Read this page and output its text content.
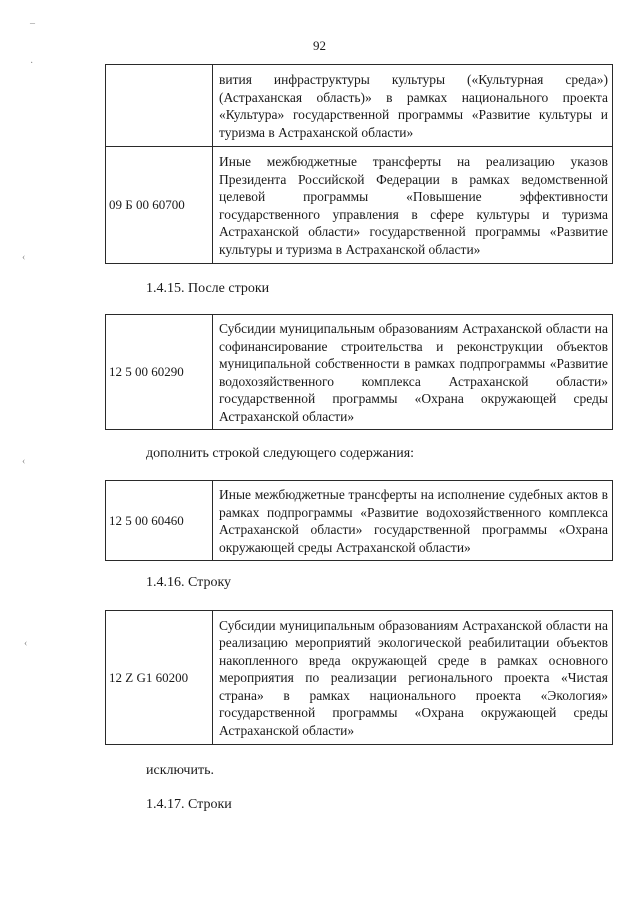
92
–
·
‹
‹
‹
	вития инфраструктуры культуры («Культурная среда») (Астраханская область)» в рамках национального проекта «Культура» государственной программы «Развитие культуры и туризма в Астраханской области»
09 Б 00 60700	Иные межбюджетные трансферты на реализацию указов Президента Российской Федерации в рамках ведомственной целевой программы «Повышение эффективности государственного управления в сфере культуры и туризма Астраханской области» государственной программы «Развитие культуры и туризма в Астраханской области»

1.4.15. После строки

12 5 00 60290	Субсидии муниципальным образованиям Астраханской области на софинансирование строительства и реконструкции объектов муниципальной собственности в рамках подпрограммы «Развитие водохозяйственного комплекса Астраханской области» государственной программы «Охрана окружающей среды Астраханской области»

дополнить строкой следующего содержания:

12 5 00 60460	Иные межбюджетные трансферты на исполнение судебных актов в рамках подпрограммы «Развитие водохозяйственного комплекса Астраханской области» государственной программы «Охрана окружающей среды Астраханской области»

1.4.16. Строку

12 Z G1 60200	Субсидии муниципальным образованиям Астраханской области на реализацию мероприятий экологической реабилитации объектов накопленного вреда окружающей среде в рамках основного мероприятия по реализации регионального проекта «Чистая страна» в рамках национального проекта «Экология» государственной программы «Охрана окружающей среды Астраханской области»

исключить.

1.4.17. Строки
